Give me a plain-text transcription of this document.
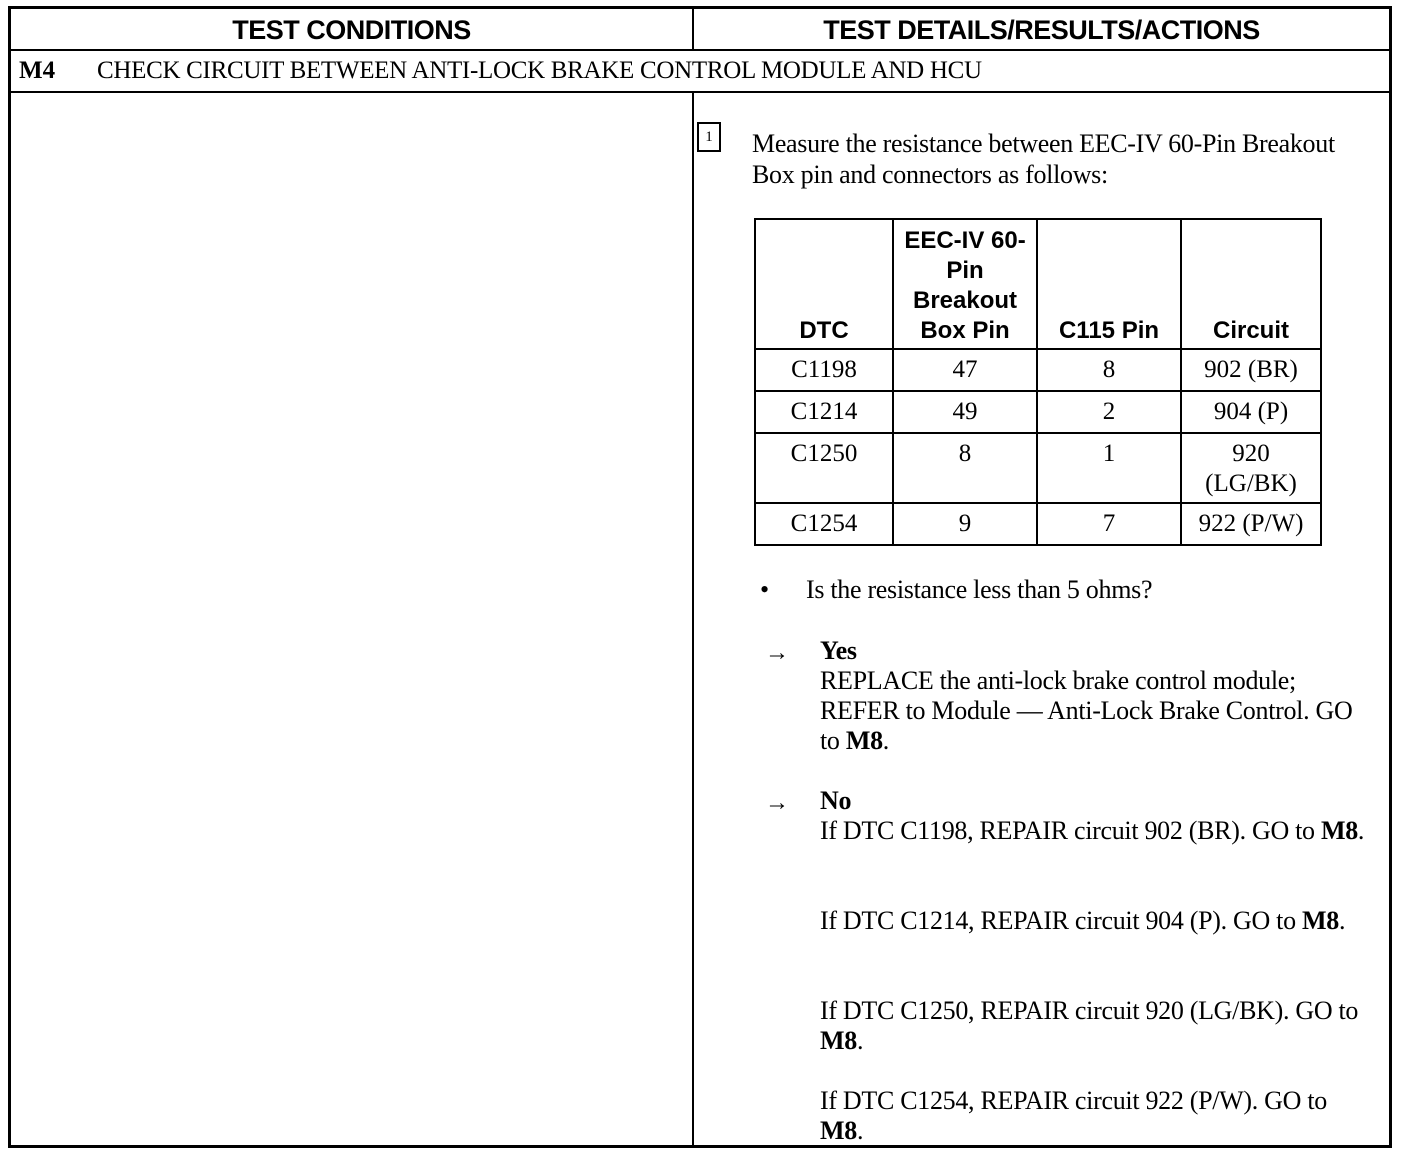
TEST CONDITIONS	TEST DETAILS/RESULTS/ACTIONS
M4 CHECK CIRCUIT BETWEEN ANTI-LOCK BRAKE CONTROL MODULE AND HCU
1	Measure the resistance between EEC-IV 60-Pin Breakout Box pin and connectors as follows:
DTC	EEC-IV 60-Pin Breakout Box Pin	C115 Pin	Circuit
C1198	47	8	902 (BR)
C1214	49	2	904 (P)
C1250	8	1	920 (LG/BK)
C1254	9	7	922 (P/W)
• Is the resistance less than 5 ohms?
→ Yes
REPLACE the anti-lock brake control module; REFER to Module — Anti-Lock Brake Control. GO to M8.
→ No
If DTC C1198, REPAIR circuit 902 (BR). GO to M8.
If DTC C1214, REPAIR circuit 904 (P). GO to M8.
If DTC C1250, REPAIR circuit 920 (LG/BK). GO to M8.
If DTC C1254, REPAIR circuit 922 (P/W). GO to M8.
